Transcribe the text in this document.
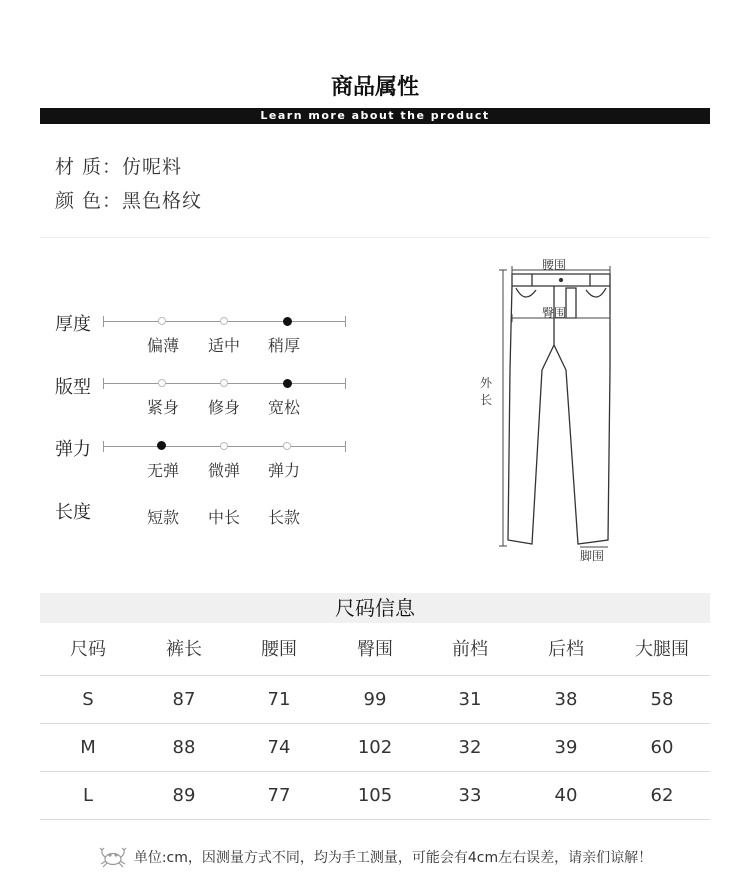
商品属性
Learn more about the product
材 质：仿呢料
颜 色：黑色格纹
厚度
偏薄	适中	稍厚
版型
紧身	修身	宽松
弹力
无弹	微弹	弹力
长度	短款	中长	长款
腰围
臀围
外
长
脚围
尺码信息
尺码	裤长	腰围	臀围	前档	后档	大腿围
S	87	71	99	31	38	58
M	88	74	102	32	39	60
L	89	77	105	33	40	62
单位:cm，因测量方式不同，均为手工测量，可能会有4cm左右误差，请亲们谅解！
